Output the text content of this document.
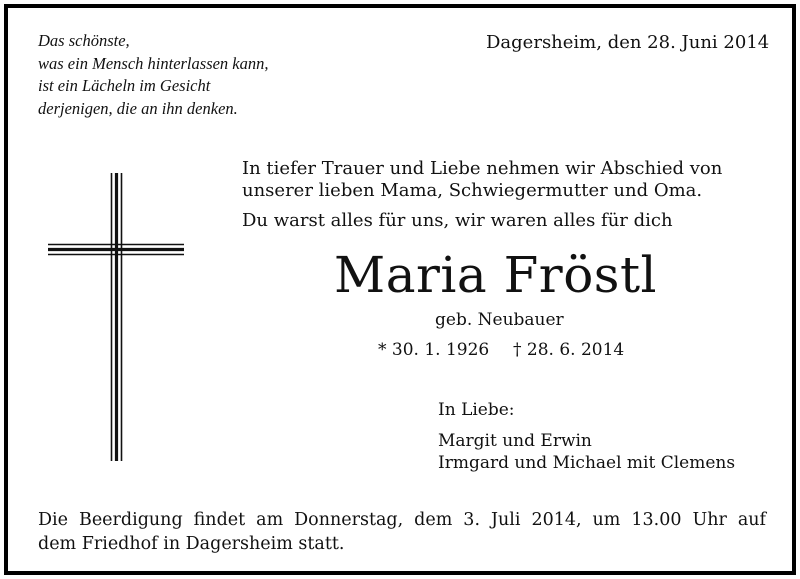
Das schönste,
was ein Mensch hinterlassen kann,
ist ein Lächeln im Gesicht
derjenigen, die an ihn denken.
Dagersheim, den 28. Juni 2014
In tiefer Trauer und Liebe nehmen wir Abschied von
unserer lieben Mama, Schwiegermutter und Oma.
Du warst alles für uns, wir waren alles für dich
Maria Fröstl
geb. Neubauer
* 30. 1. 1926 † 28. 6. 2014
In Liebe:
Margit und Erwin
Irmgard und Michael mit Clemens
Die Beerdigung findet am Donnerstag, dem 3. Juli 2014, um 13.00 Uhr auf
dem Friedhof in Dagersheim statt.
